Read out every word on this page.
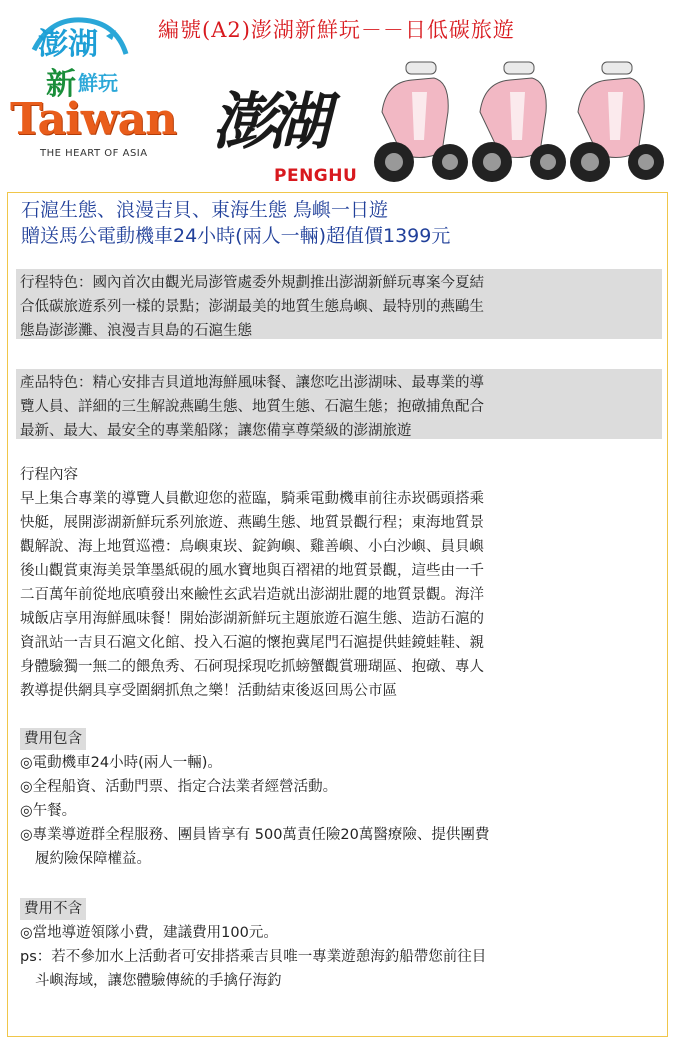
編號(A2)澎湖新鮮玩－－日低碳旅遊
澎湖
新 鮮玩
Taiwan
THE HEART OF ASIA 澎湖
PENGHU
石滬生態、浪漫吉貝、東海生態 鳥嶼一日遊
贈送馬公電動機車24小時(兩人一輛)超值價1399元

行程特色：國內首次由觀光局澎管處委外規劃推出澎湖新鮮玩專案今夏結

合低碳旅遊系列一樣的景點；澎湖最美的地質生態鳥嶼、最特別的燕鷗生

態島澎澎灘、浪漫吉貝島的石滬生態

產品特色：精心安排吉貝道地海鮮風味餐、讓您吃出澎湖味、最專業的導

覽人員、詳細的三生解說燕鷗生態、地質生態、石滬生態；抱礅捕魚配合

最新、最大、最安全的專業船隊；讓您備享尊榮級的澎湖旅遊

行程內容

早上集合專業的導覽人員歡迎您的蒞臨，騎乘電動機車前往赤崁碼頭搭乘

快艇，展開澎湖新鮮玩系列旅遊、燕鷗生態、地質景觀行程；東海地質景

觀解說、海上地質巡禮：鳥嶼東崁、錠鉤嶼、雞善嶼、小白沙嶼、員貝嶼

後山觀賞東海美景筆墨紙硯的風水寶地與百褶裙的地質景觀，這些由一千

二百萬年前從地底噴發出來鹼性玄武岩造就出澎湖壯麗的地質景觀。海洋

城飯店享用海鮮風味餐！開始澎湖新鮮玩主題旅遊石滬生態、造訪石滬的

資訊站一吉貝石滬文化館、投入石滬的懷抱冀尾門石滬提供蛙鏡蛙鞋、親

身體驗獨一無二的餵魚秀、石砢現採現吃抓螃蟹觀賞珊瑚區、抱礅、專人

教導提供網具享受圍網抓魚之樂！活動結束後返回馬公市區

費用包含

◎電動機車24小時(兩人一輛)。

◎全程船資、活動門票、指定合法業者經營活動。

◎午餐。

◎專業導遊群全程服務、團員皆享有 500萬責任險20萬醫療險、提供團費

履約險保障權益。

費用不含

◎當地導遊領隊小費，建議費用100元。

ps：若不參加水上活動者可安排搭乘吉貝唯一專業遊憩海釣船帶您前往目

斗嶼海域，讓您體驗傳統的手擒仔海釣
